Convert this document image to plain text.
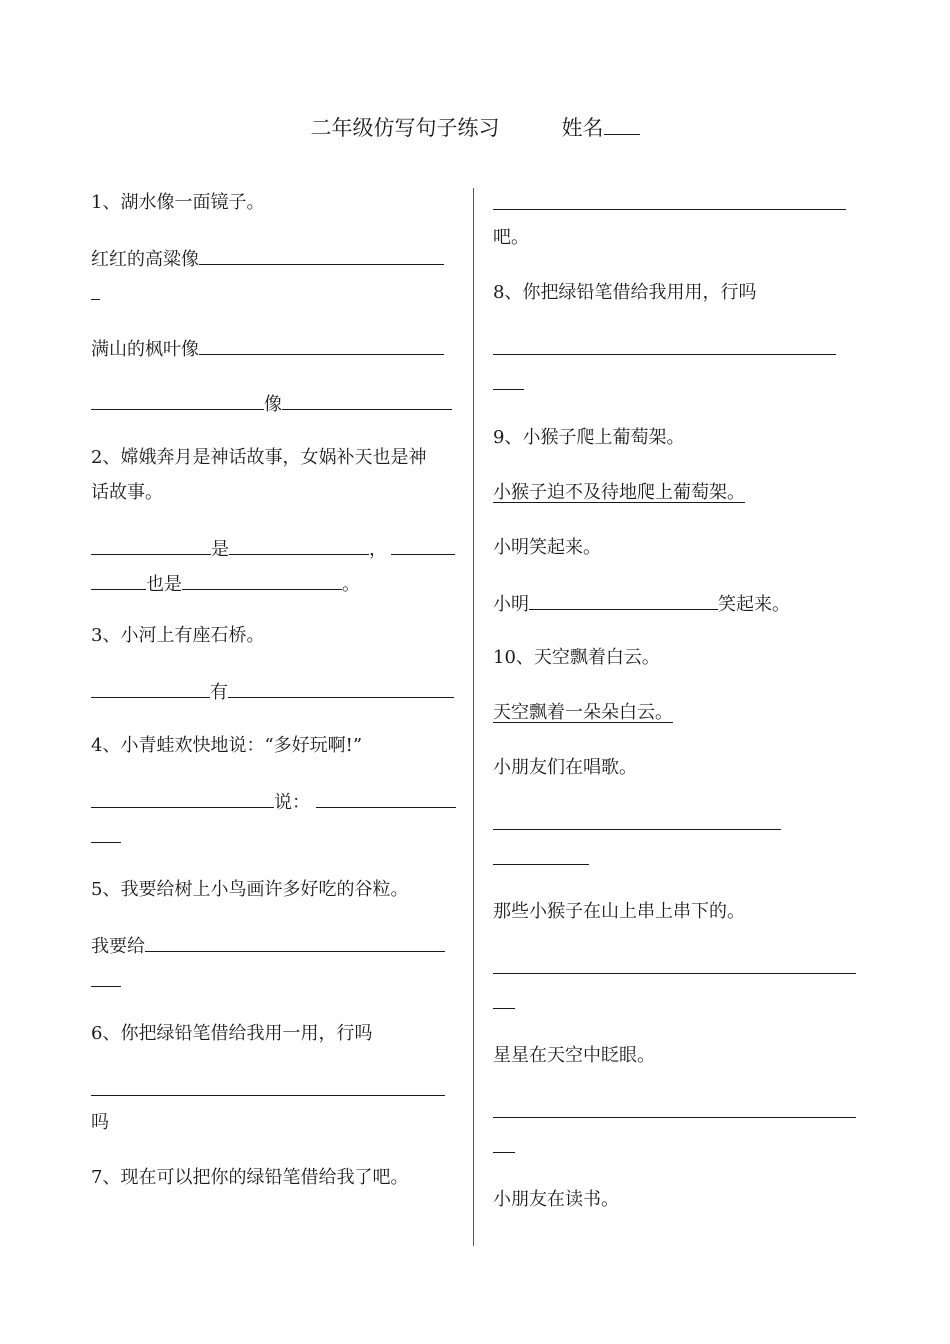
二年级仿写句子练习	姓名
1、湖水像一面镜子。
红红的高粱像
满山的枫叶像
像
2、嫦娥奔月是神话故事，女娲补天也是神
话故事。
是	，
也是	。
3、小河上有座石桥。
有
4、小青蛙欢快地说：“多好玩啊!”
说：
5、我要给树上小鸟画许多好吃的谷粒。
我要给
6、你把绿铅笔借给我用一用，行吗
吗
7、现在可以把你的绿铅笔借给我了吧。
吧。
8、你把绿铅笔借给我用用，行吗
9、小猴子爬上葡萄架。
小猴子迫不及待地爬上葡萄架。
小明笑起来。
小明	笑起来。
10、天空飘着白云。
天空飘着一朵朵白云。
小朋友们在唱歌。
那些小猴子在山上串上串下的。
星星在天空中眨眼。
小朋友在读书。
